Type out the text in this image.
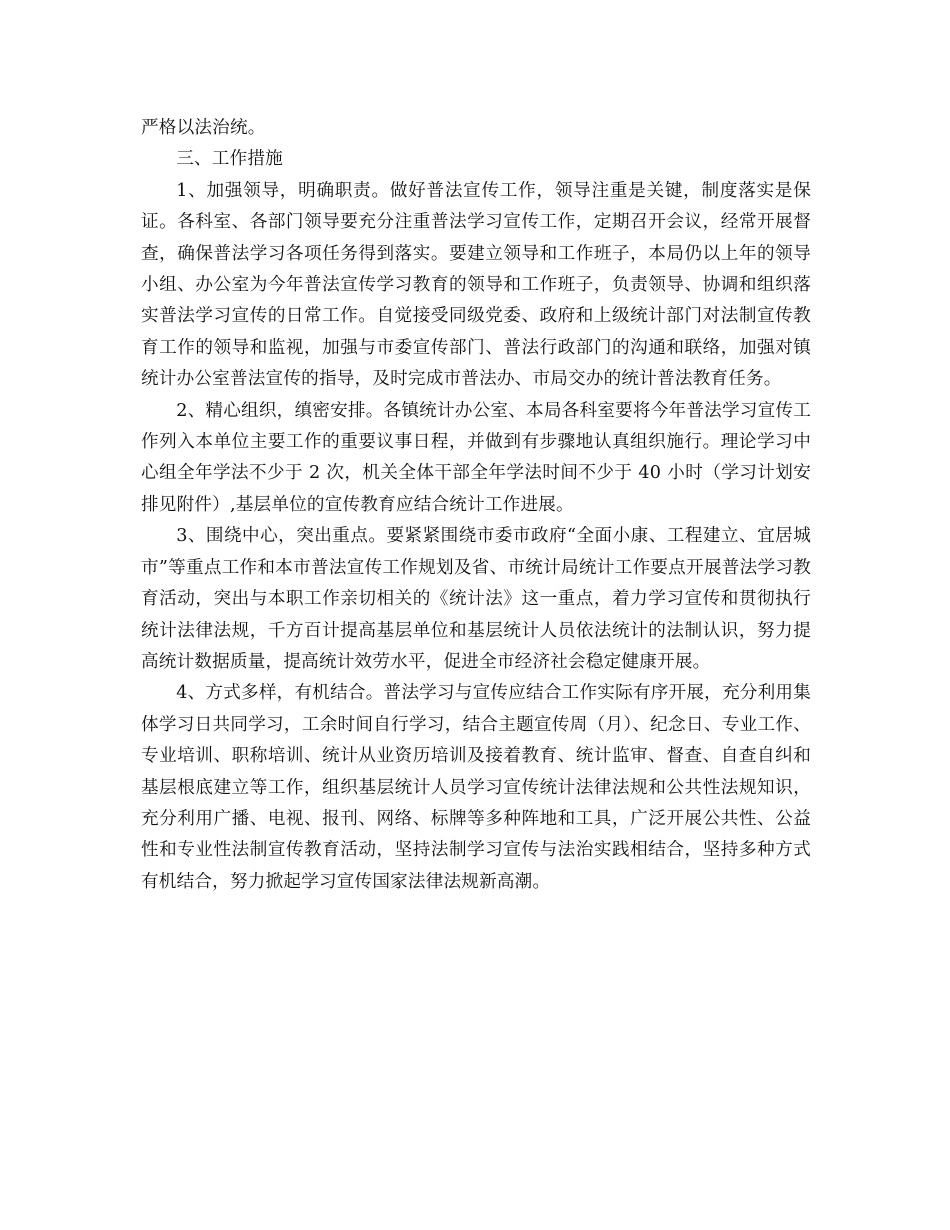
严格以法治统。

三、工作措施

1、加强领导，明确职责。做好普法宣传工作，领导注重是关键，制度落实是保证。各科室、各部门领导要充分注重普法学习宣传工作，定期召开会议，经常开展督查，确保普法学习各项任务得到落实。要建立领导和工作班子，本局仍以上年的领导小组、办公室为今年普法宣传学习教育的领导和工作班子，负责领导、协调和组织落实普法学习宣传的日常工作。自觉接受同级党委、政府和上级统计部门对法制宣传教育工作的领导和监视，加强与市委宣传部门、普法行政部门的沟通和联络，加强对镇统计办公室普法宣传的指导，及时完成市普法办、市局交办的统计普法教育任务。

2、精心组织，缜密安排。各镇统计办公室、本局各科室要将今年普法学习宣传工作列入本单位主要工作的重要议事日程，并做到有步骤地认真组织施行。理论学习中心组全年学法不少于 2 次，机关全体干部全年学法时间不少于 40 小时（学习计划安排见附件）,基层单位的宣传教育应结合统计工作进展。

3、围绕中心，突出重点。要紧紧围绕市委市政府“全面小康、工程建立、宜居城市”等重点工作和本市普法宣传工作规划及省、市统计局统计工作要点开展普法学习教育活动，突出与本职工作亲切相关的《统计法》这一重点，着力学习宣传和贯彻执行统计法律法规，千方百计提高基层单位和基层统计人员依法统计的法制认识，努力提高统计数据质量，提高统计效劳水平，促进全市经济社会稳定健康开展。

4、方式多样，有机结合。普法学习与宣传应结合工作实际有序开展，充分利用集体学习日共同学习，工余时间自行学习，结合主题宣传周（月）、纪念日、专业工作、专业培训、职称培训、统计从业资历培训及接着教育、统计监审、督查、自查自纠和基层根底建立等工作，组织基层统计人员学习宣传统计法律法规和公共性法规知识，充分利用广播、电视、报刊、网络、标牌等多种阵地和工具，广泛开展公共性、公益性和专业性法制宣传教育活动，坚持法制学习宣传与法治实践相结合，坚持多种方式有机结合，努力掀起学习宣传国家法律法规新高潮。
